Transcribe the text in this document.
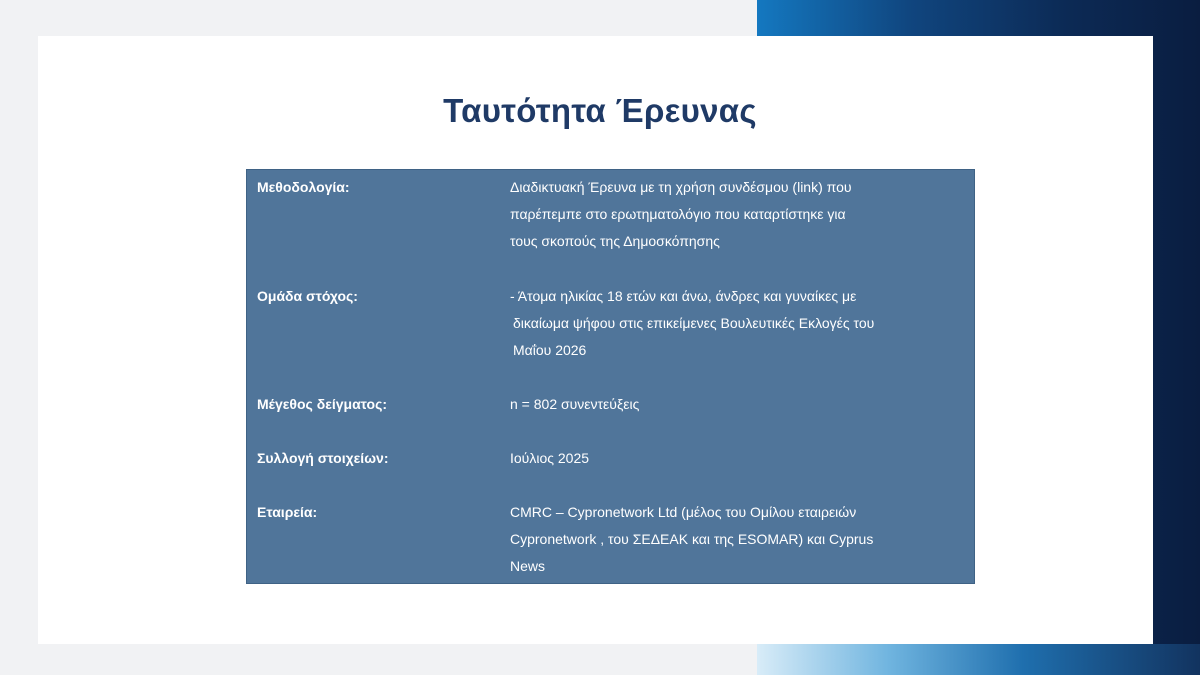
Ταυτότητα Έρευνας
Μεθοδολογία:	Διαδικτυακή Έρευνα με τη χρήση συνδέσμου (link) που
παρέπεμπε στο ερωτηματολόγιο που καταρτίστηκε για
τους σκοπούς της Δημοσκόπησης
Ομάδα στόχος:	- Άτομα ηλικίας 18 ετών και άνω, άνδρες και γυναίκες με
δικαίωμα ψήφου στις επικείμενες Βουλευτικές Εκλογές του
Μαΐου 2026
Μέγεθος δείγματος:	n = 802 συνεντεύξεις
Συλλογή στοιχείων:	Ιούλιος 2025
Εταιρεία:	CMRC – Cypronetwork Ltd (μέλος του Ομίλου εταιρειών
Cypronetwork , του ΣΕΔΕΑΚ και της ESOMAR) και Cyprus
News
